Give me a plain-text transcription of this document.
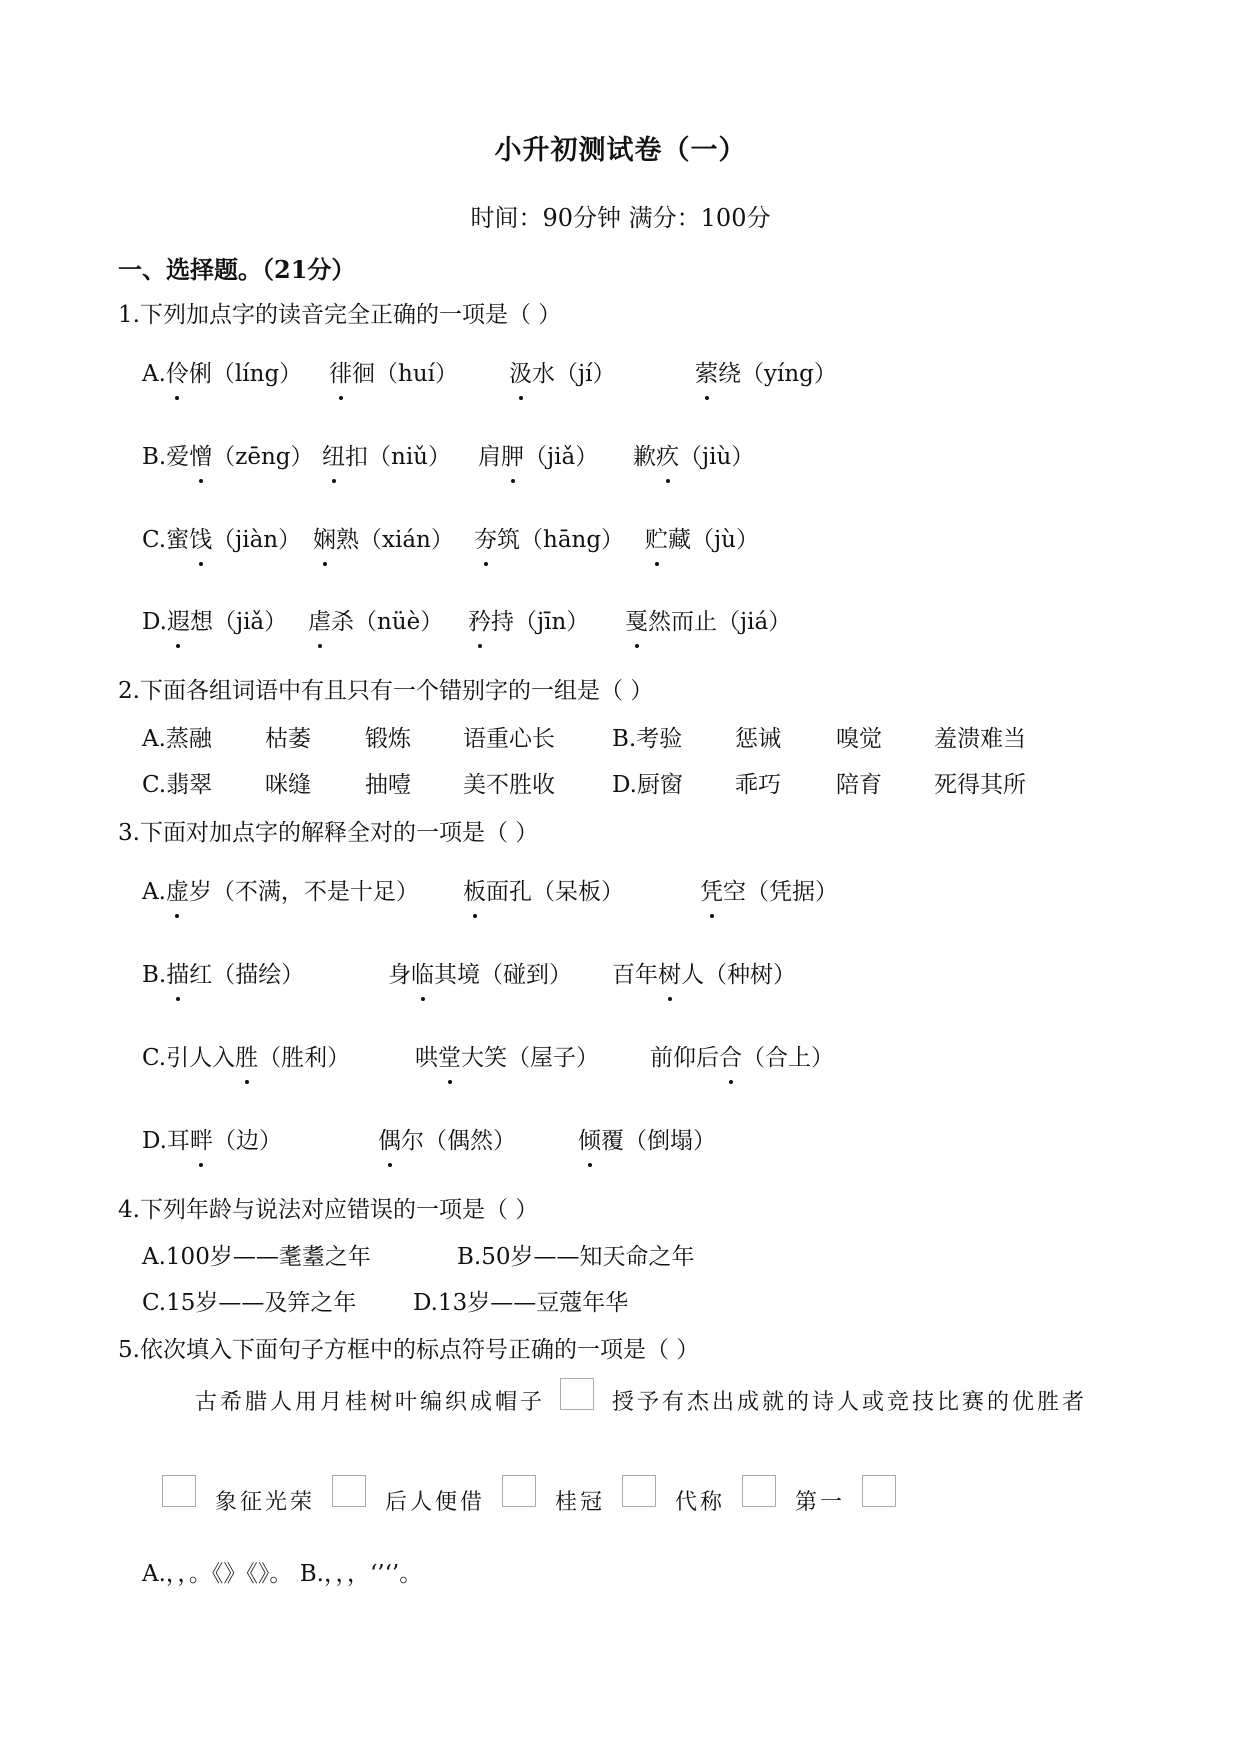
小升初测试卷（一）
时间：90分钟 满分：100分
一、选择题。（21分）
1.下列加点字的读音完全正确的一项是（ ）
A.伶俐（líng） 徘徊（huí） 汲水（jí）	萦绕（yíng）
B.爱憎（zēng） 纽扣（niǔ） 肩胛（jiǎ） 歉疚（jiù）
C.蜜饯（jiàn） 娴熟（xián） 夯筑（hāng） 贮藏（jù）
D.遐想（jiǎ） 虐杀（nüè） 矜持（jīn） 戛然而止（jiá）
2.下面各组词语中有且只有一个错别字的一组是（ ）
A.蒸融 枯萎 锻炼 语重心长 B.考验 惩诫 嗅觉 羞溃难当
C.翡翠 咪缝 抽噎 美不胜收 D.厨窗 乖巧 陪育 死得其所
3.下面对加点字的解释全对的一项是（ ）
A.虚岁（不满，不是十足） 板面孔（呆板）	凭空（凭据）
B.描红（描绘）	身临其境（碰到） 百年树人（种树）
C.引人入胜（胜利）	哄堂大笑（屋子） 前仰后合（合上）
D.耳畔（边）	偶尔（偶然）	倾覆（倒塌）
4.下列年龄与说法对应错误的一项是（ ）
A.100岁——耄耋之年	B.50岁——知天命之年
C.15岁——及笄之年 D.13岁——豆蔻年华
5.依次填入下面句子方框中的标点符号正确的一项是（ ）
古希腊人用月桂树叶编织成帽子	授予有杰出成就的诗人或竞技比赛的优胜者
象征光荣	后人便借	桂冠	代称	第一
A.，，。《》《》。 B.，，，‘’‘’。
